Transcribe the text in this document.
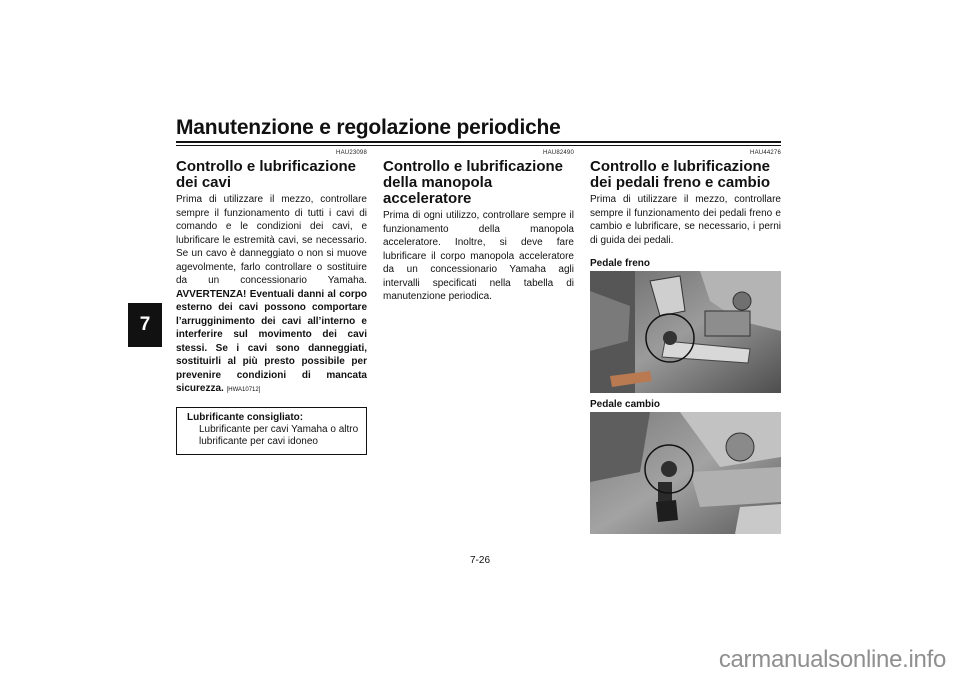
Manutenzione e regolazione periodiche
7
HAU23098
Controllo e lubrificazione dei cavi

Prima di utilizzare il mezzo, controllare sempre il funzionamento di tutti i cavi di comando e le condizioni dei cavi, e lubrificare le estremità cavi, se necessario. Se un cavo è danneggiato o non si muove agevolmente, farlo controllare o sostituire da un concessionario Yamaha. AVVERTENZA! Eventuali danni al corpo esterno dei cavi possono comportare l’arrugginimento dei cavi all’interno e interferire sul movimento dei cavi stessi. Se i cavi sono danneggiati, sostituirli al più presto possibile per prevenire condizioni di mancata sicurezza. [HWA10712]

Lubrificante consigliato:
Lubrificante per cavi Yamaha o altro lubrificante per cavi idoneo
HAU82490
Controllo e lubrificazione della manopola acceleratore

Prima di ogni utilizzo, controllare sempre il funzionamento della manopola acceleratore. Inoltre, si deve fare lubrificare il corpo manopola acceleratore da un concessionario Yamaha agli intervalli specificati nella tabella di manutenzione periodica.

HAU44276
Controllo e lubrificazione dei pedali freno e cambio

Prima di utilizzare il mezzo, controllare sempre il funzionamento dei pedali freno e cambio e lubrificare, se necessario, i perni di guida dei pedali.

Pedale freno
Pedale cambio
7-26
carmanualsonline.info
